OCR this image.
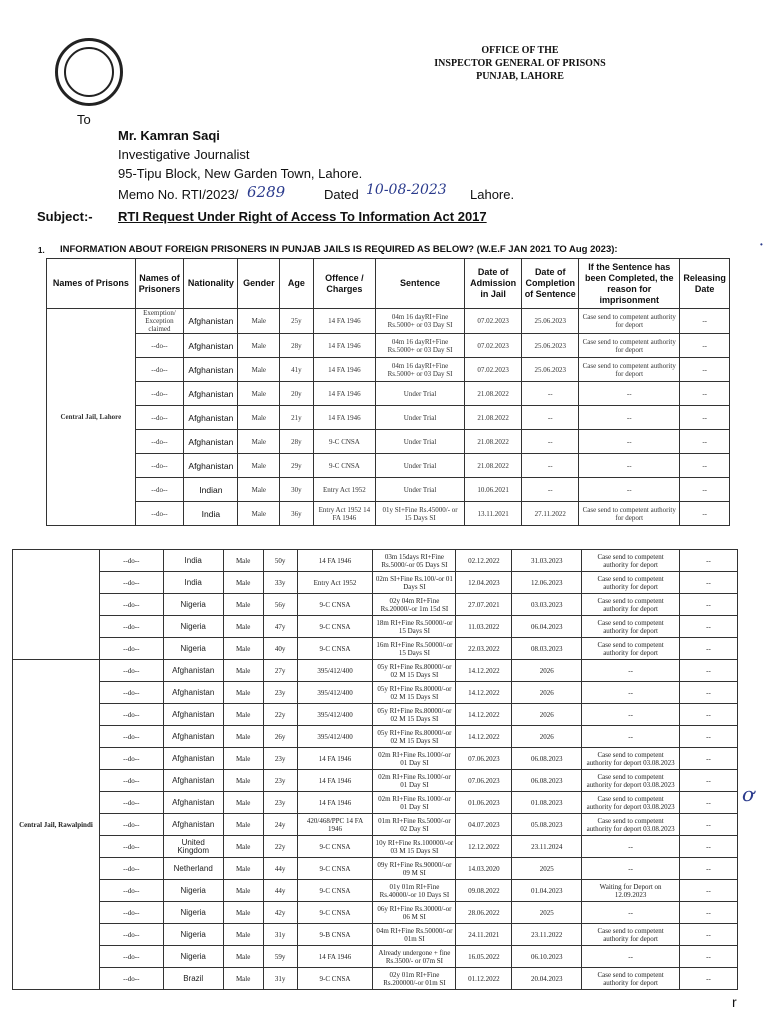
OFFICE OF THE
INSPECTOR GENERAL OF PRISONS
PUNJAB, LAHORE
To
Mr. Kamran Saqi
Investigative Journalist
95-Tipu Block, New Garden Town, Lahore.
Memo No. RTI/2023/ 6289	Dated 10-08-2023 Lahore.
Subject:- RTI Request Under Right of Access To Information Act 2017
1. INFORMATION ABOUT FOREIGN PRISONERS IN PUNJAB JAILS IS REQUIRED AS BELOW? (W.E.F JAN 2021 TO Aug 2023):
Names of Prisons	Names of Prisoners	Nationality	Gender	Age	Offence / Charges	Sentence	Date of Admission in Jail	Date of Completion of Sentence	If the Sentence has been Completed, the reason for imprisonment	Releasing Date
Central Jail, Lahore	Exemption/ Exception claimed	Afghanistan	Male	25y	14 FA 1946	04m 16 dayRI+Fine Rs.5000+ or 03 Day SI	07.02.2023	25.06.2023	Case send to competent authority for deport	--
	--do--	Afghanistan	Male	28y	14 FA 1946	04m 16 dayRI+Fine Rs.5000+ or 03 Day SI	07.02.2023	25.06.2023	Case send to competent authority for deport	--
	--do--	Afghanistan	Male	41y	14 FA 1946	04m 16 dayRI+Fine Rs.5000+ or 03 Day SI	07.02.2023	25.06.2023	Case send to competent authority for deport	--
	--do--	Afghanistan	Male	20y	14 FA 1946	Under Trial	21.08.2022	--	--	--
	--do--	Afghanistan	Male	21y	14 FA 1946	Under Trial	21.08.2022	--	--	--
	--do--	Afghanistan	Male	28y	9-C CNSA	Under Trial	21.08.2022	--	--	--
	--do--	Afghanistan	Male	29y	9-C CNSA	Under Trial	21.08.2022	--	--	--
	--do--	Indian	Male	30y	Entry Act 1952	Under Trial	10.06.2021	--	--	--
	--do--	India	Male	36y	Entry Act 1952 14 FA 1946	01y SI+Fine Rs.45000/- or 15 Days SI	13.11.2021	27.11.2022	Case send to competent authority for deport	--
	--do--	India	Male	50y	14 FA 1946	03m 15days RI+Fine Rs.5000/-or 05 Days SI	02.12.2022	31.03.2023	Case send to competent authority for deport	--
	--do--	India	Male	33y	Entry Act 1952	02m SI+Fine Rs.100/-or 01 Days SI	12.04.2023	12.06.2023	Case send to competent authority for deport	--
	--do--	Nigeria	Male	56y	9-C CNSA	02y 04m RI+Fine Rs.20000/-or 1m 15d SI	27.07.2021	03.03.2023	Case send to competent authority for deport	--
	--do--	Nigeria	Male	47y	9-C CNSA	18m RI+Fine Rs.50000/-or 15 Days SI	11.03.2022	06.04.2023	Case send to competent authority for deport	--
	--do--	Nigeria	Male	40y	9-C CNSA	16m RI+Fine Rs.50000/-or 15 Days SI	22.03.2022	08.03.2023	Case send to competent authority for deport	--
Central Jail, Rawalpindi	--do--	Afghanistan	Male	27y	395/412/400	05y RI+Fine Rs.80000/-or 02 M 15 Days SI	14.12.2022	2026	--	--
	--do--	Afghanistan	Male	23y	395/412/400	05y RI+Fine Rs.80000/-or 02 M 15 Days SI	14.12.2022	2026	--	--
	--do--	Afghanistan	Male	22y	395/412/400	05y RI+Fine Rs.80000/-or 02 M 15 Days SI	14.12.2022	2026	--	--
	--do--	Afghanistan	Male	26y	395/412/400	05y RI+Fine Rs.80000/-or 02 M 15 Days SI	14.12.2022	2026	--	--
	--do--	Afghanistan	Male	23y	14 FA 1946	02m RI+Fine Rs.1000/-or 01 Day SI	07.06.2023	06.08.2023	Case send to competent authority for deport 03.08.2023	--
	--do--	Afghanistan	Male	23y	14 FA 1946	02m RI+Fine Rs.1000/-or 01 Day SI	07.06.2023	06.08.2023	Case send to competent authority for deport 03.08.2023	--
	--do--	Afghanistan	Male	23y	14 FA 1946	02m RI+Fine Rs.1000/-or 01 Day SI	01.06.2023	01.08.2023	Case send to competent authority for deport 03.08.2023	--
	--do--	Afghanistan	Male	24y	420/468/PPC 14 FA 1946	01m RI+Fine Rs.5000/-or 02 Day SI	04.07.2023	05.08.2023	Case send to competent authority for deport 03.08.2023	--
	--do--	United Kingdom	Male	22y	9-C CNSA	10y RI+Fine Rs.100000/-or 03 M 15 Days SI	12.12.2022	23.11.2024	--	--
	--do--	Netherland	Male	44y	9-C CNSA	09y RI+Fine Rs.90000/-or 09 M SI	14.03.2020	2025	--	--
	--do--	Nigeria	Male	44y	9-C CNSA	01y 01m RI+Fine Rs.40000/-or 10 Days SI	09.08.2022	01.04.2023	Waiting for Deport on 12.09.2023	--
	--do--	Nigeria	Male	42y	9-C CNSA	06y RI+Fine Rs.30000/-or 06 M SI	28.06.2022	2025	--	--
	--do--	Nigeria	Male	31y	9-B CNSA	04m RI+Fine Rs.50000/-or 01m SI	24.11.2021	23.11.2022	Case send to competent authority for deport	--
	--do--	Nigeria	Male	59y	14 FA 1946	Already undergone + fine Rs.3500/- or 07m SI	16.05.2022	06.10.2023	--	--
	--do--	Brazil	Male	31y	9-C CNSA	02y 01m RI+Fine Rs.200000/-or 01m SI	01.12.2022	20.04.2023	Case send to competent authority for deport	--
ơ
•
r
